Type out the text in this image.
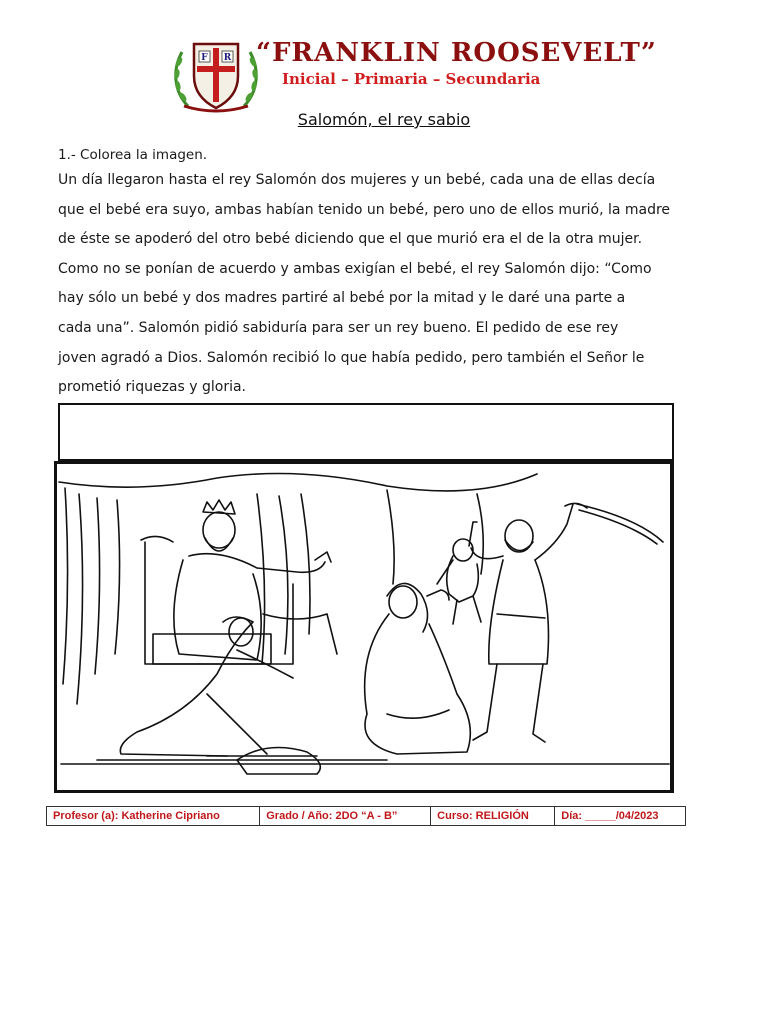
F R “FRANKLIN ROOSEVELT”
Inicial – Primaria – Secundaria
Salomón, el rey sabio

1.- Colorea la imagen.

Un día llegaron hasta el rey Salomón dos mujeres y un bebé, cada una de ellas decía

que el bebé era suyo, ambas habían tenido un bebé, pero uno de ellos murió, la madre

de éste se apoderó del otro bebé diciendo que el que murió era el de la otra mujer.

Como no se ponían de acuerdo y ambas exigían el bebé, el rey Salomón dijo: “Como

hay sólo un bebé y dos madres partiré al bebé por la mitad y le daré una parte a

cada una”. Salomón pidió sabiduría para ser un rey bueno. El pedido de ese rey

joven agradó a Dios. Salomón recibió lo que había pedido, pero también el Señor le

prometió riquezas y gloria.

Profesor (a): Katherine Cipriano	Grado / Año: 2DO “A - B”	Curso: RELIGIÓN	Día: _____/04/2023
